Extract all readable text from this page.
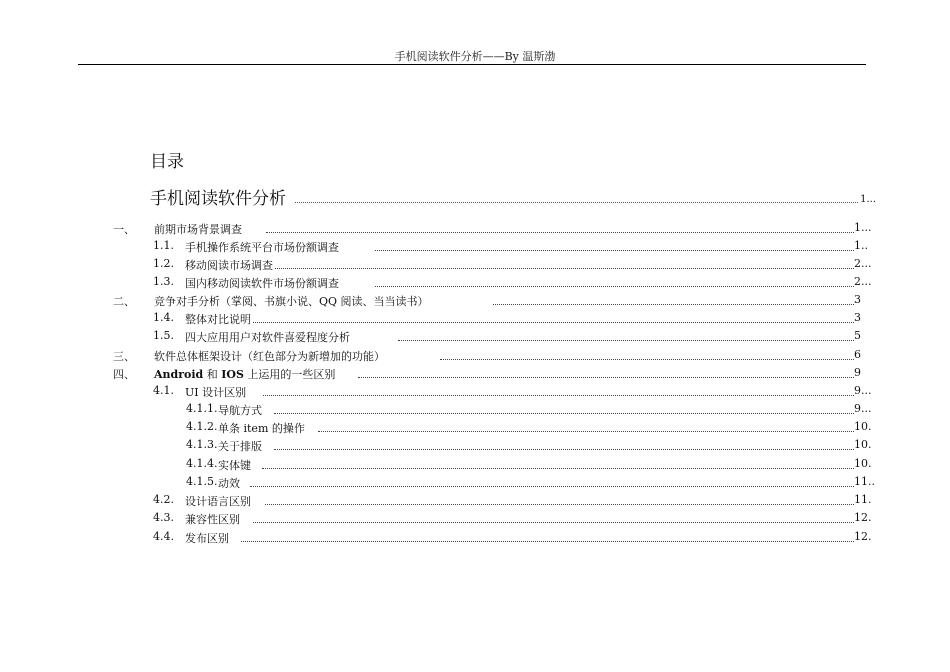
手机阅读软件分析——By 温斯渤
目录
手机阅读软件分析	1...
一、 前期市场背景调查	1...
1.1. 手机操作系统平台市场份额调查	1..
1.2. 移动阅读市场调查	2...
1.3. 国内移动阅读软件市场份额调查	2...
二、 竞争对手分析（掌阅、书旗小说、QQ 阅读、当当读书）	3
1.4. 整体对比说明	3
1.5. 四大应用用户对软件喜爱程度分析	5
三、 软件总体框架设计（红色部分为新增加的功能）	6
四、 Android 和 IOS 上运用的一些区别	9
4.1. UI 设计区别	9...
4.1.1. 导航方式	9...
4.1.2. 单条 item 的操作	10.
4.1.3. 关于排版	10.
4.1.4. 实体键	10.
4.1.5. 动效	11..
4.2. 设计语言区别	11.
4.3. 兼容性区别	12.
4.4. 发布区别	12.
